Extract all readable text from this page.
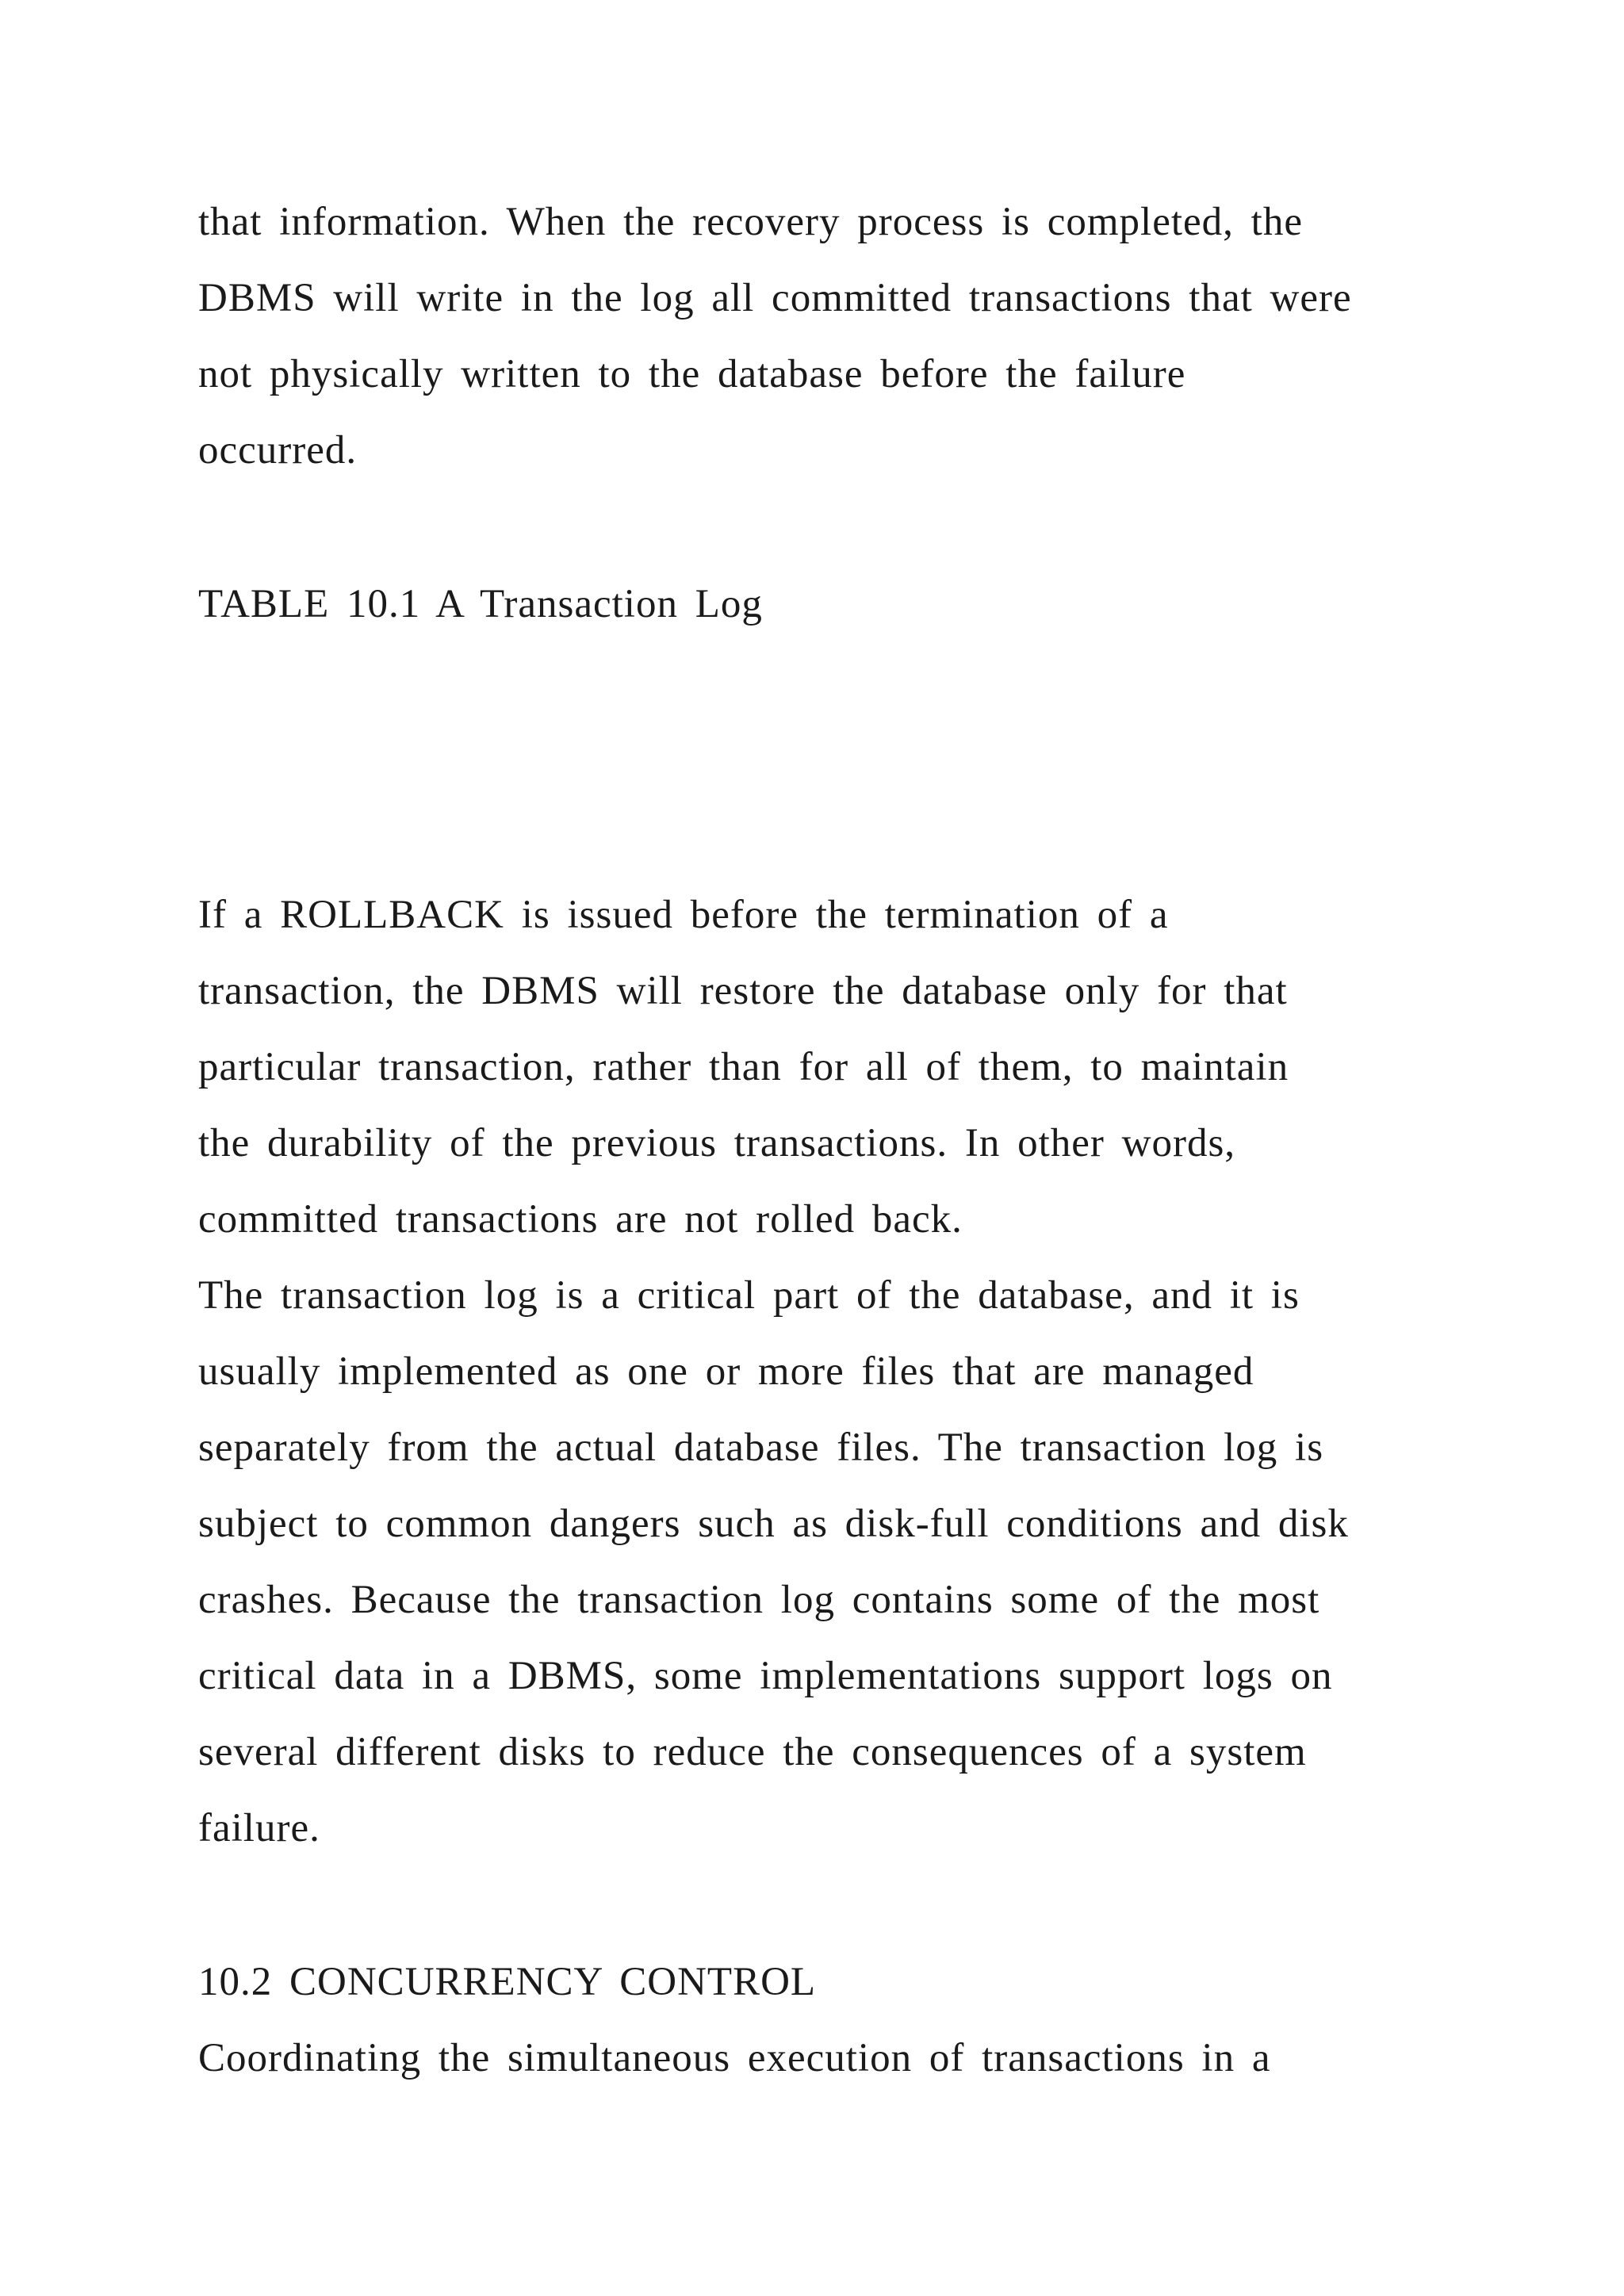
that information. When the recovery process is completed, the
DBMS will write in the log all committed transactions that were
not physically written to the database before the failure
occurred.
TABLE 10.1 A Transaction Log
If a ROLLBACK is issued before the termination of a
transaction, the DBMS will restore the database only for that
particular transaction, rather than for all of them, to maintain
the durability of the previous transactions. In other words,
committed transactions are not rolled back.
The transaction log is a critical part of the database, and it is
usually implemented as one or more files that are managed
separately from the actual database files. The transaction log is
subject to common dangers such as disk-full conditions and disk
crashes. Because the transaction log contains some of the most
critical data in a DBMS, some implementations support logs on
several different disks to reduce the consequences of a system
failure.
10.2 CONCURRENCY CONTROL
Coordinating the simultaneous execution of transactions in a
